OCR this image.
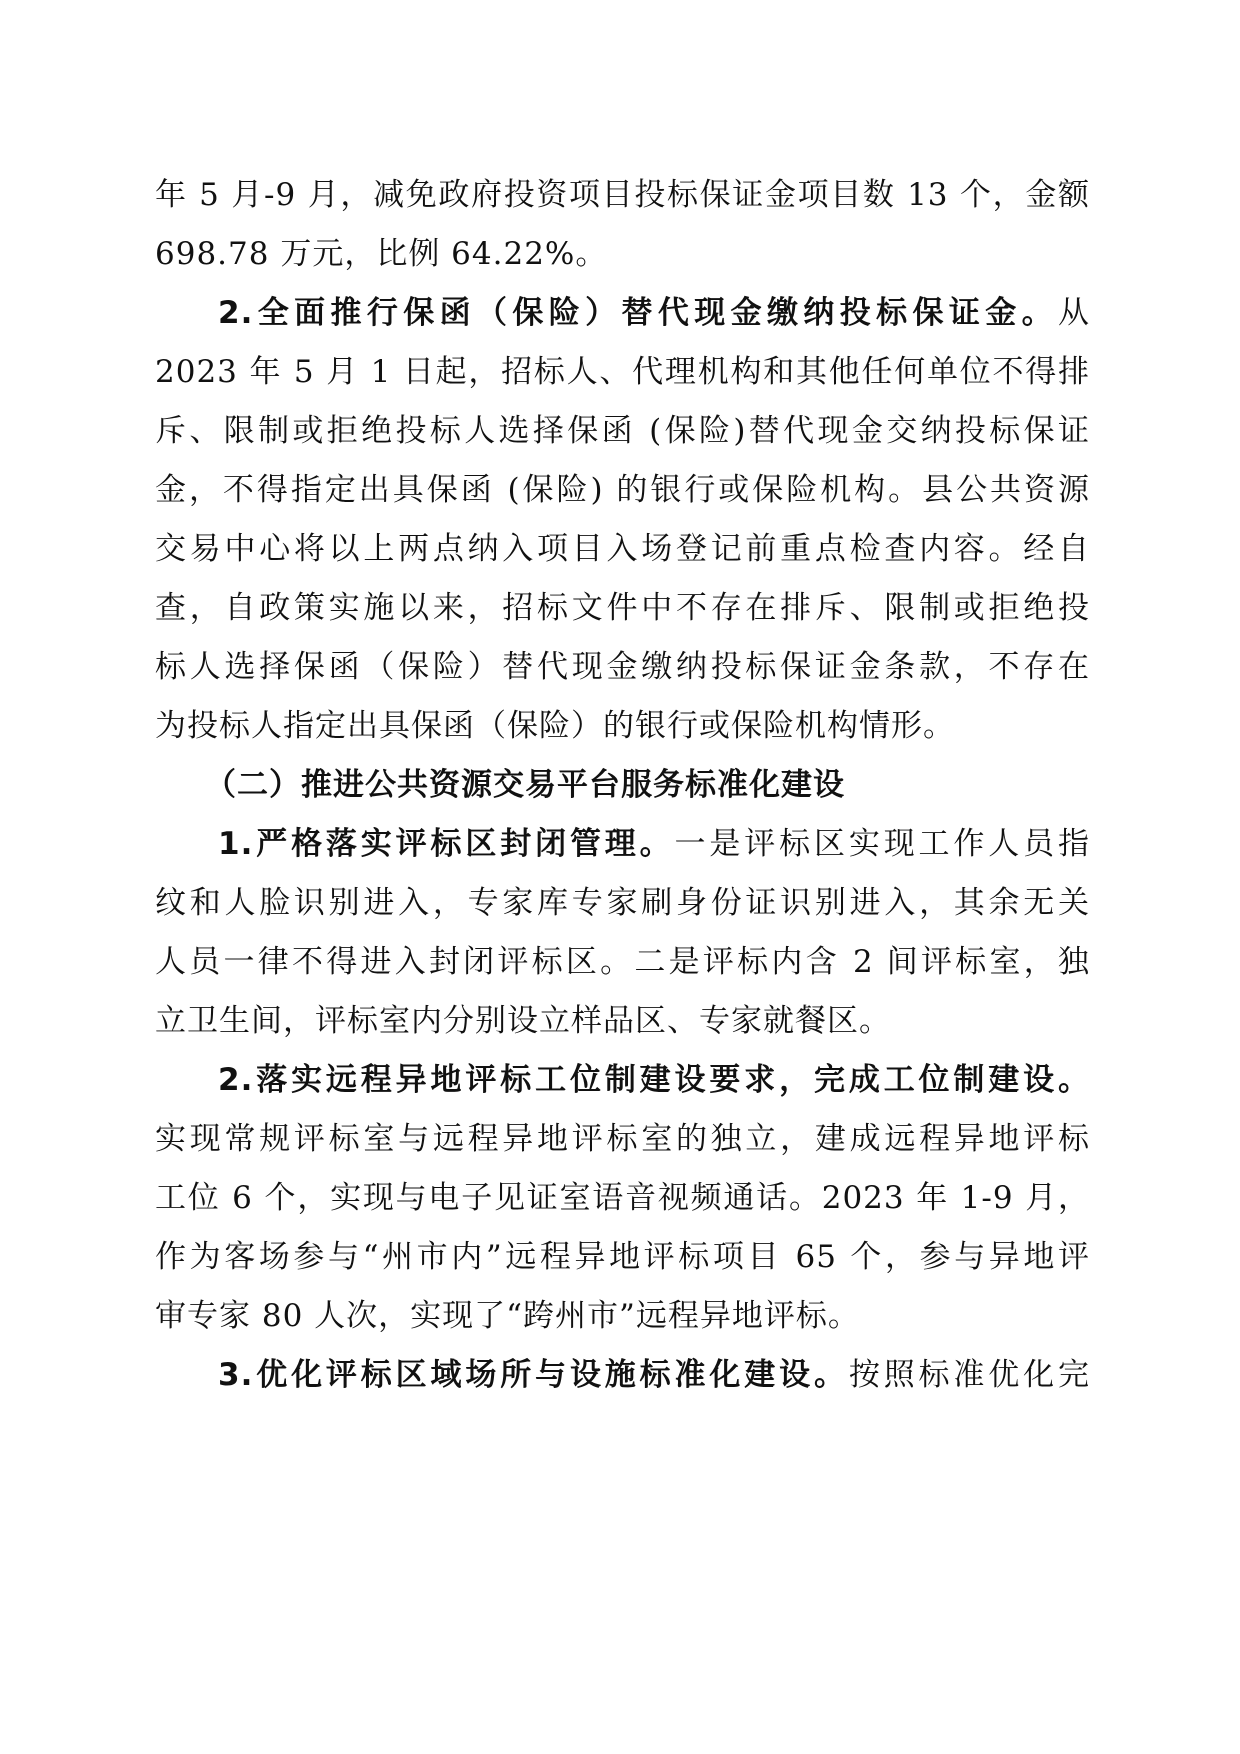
年 5 月-9 月，减免政府投资项目投标保证金项目数 13 个，金额
698.78 万元，比例 64.22%。
2.全面推行保函（保险）替代现金缴纳投标保证金。从
2023 年 5 月 1 日起，招标人、代理机构和其他任何单位不得排
斥、限制或拒绝投标人选择保函 (保险)替代现金交纳投标保证
金，不得指定出具保函 (保险) 的银行或保险机构。县公共资源
交易中心将以上两点纳入项目入场登记前重点检查内容。经自
查，自政策实施以来，招标文件中不存在排斥、限制或拒绝投
标人选择保函（保险）替代现金缴纳投标保证金条款，不存在
为投标人指定出具保函（保险）的银行或保险机构情形。
（二）推进公共资源交易平台服务标准化建设
1.严格落实评标区封闭管理。一是评标区实现工作人员指
纹和人脸识别进入，专家库专家刷身份证识别进入，其余无关
人员一律不得进入封闭评标区。二是评标内含 2 间评标室，独
立卫生间，评标室内分别设立样品区、专家就餐区。
2.落实远程异地评标工位制建设要求，完成工位制建设。
实现常规评标室与远程异地评标室的独立，建成远程异地评标
工位 6 个，实现与电子见证室语音视频通话。2023 年 1-9 月，
作为客场参与“州市内”远程异地评标项目 65 个，参与异地评
审专家 80 人次，实现了“跨州市”远程异地评标。
3.优化评标区域场所与设施标准化建设。按照标准优化完
